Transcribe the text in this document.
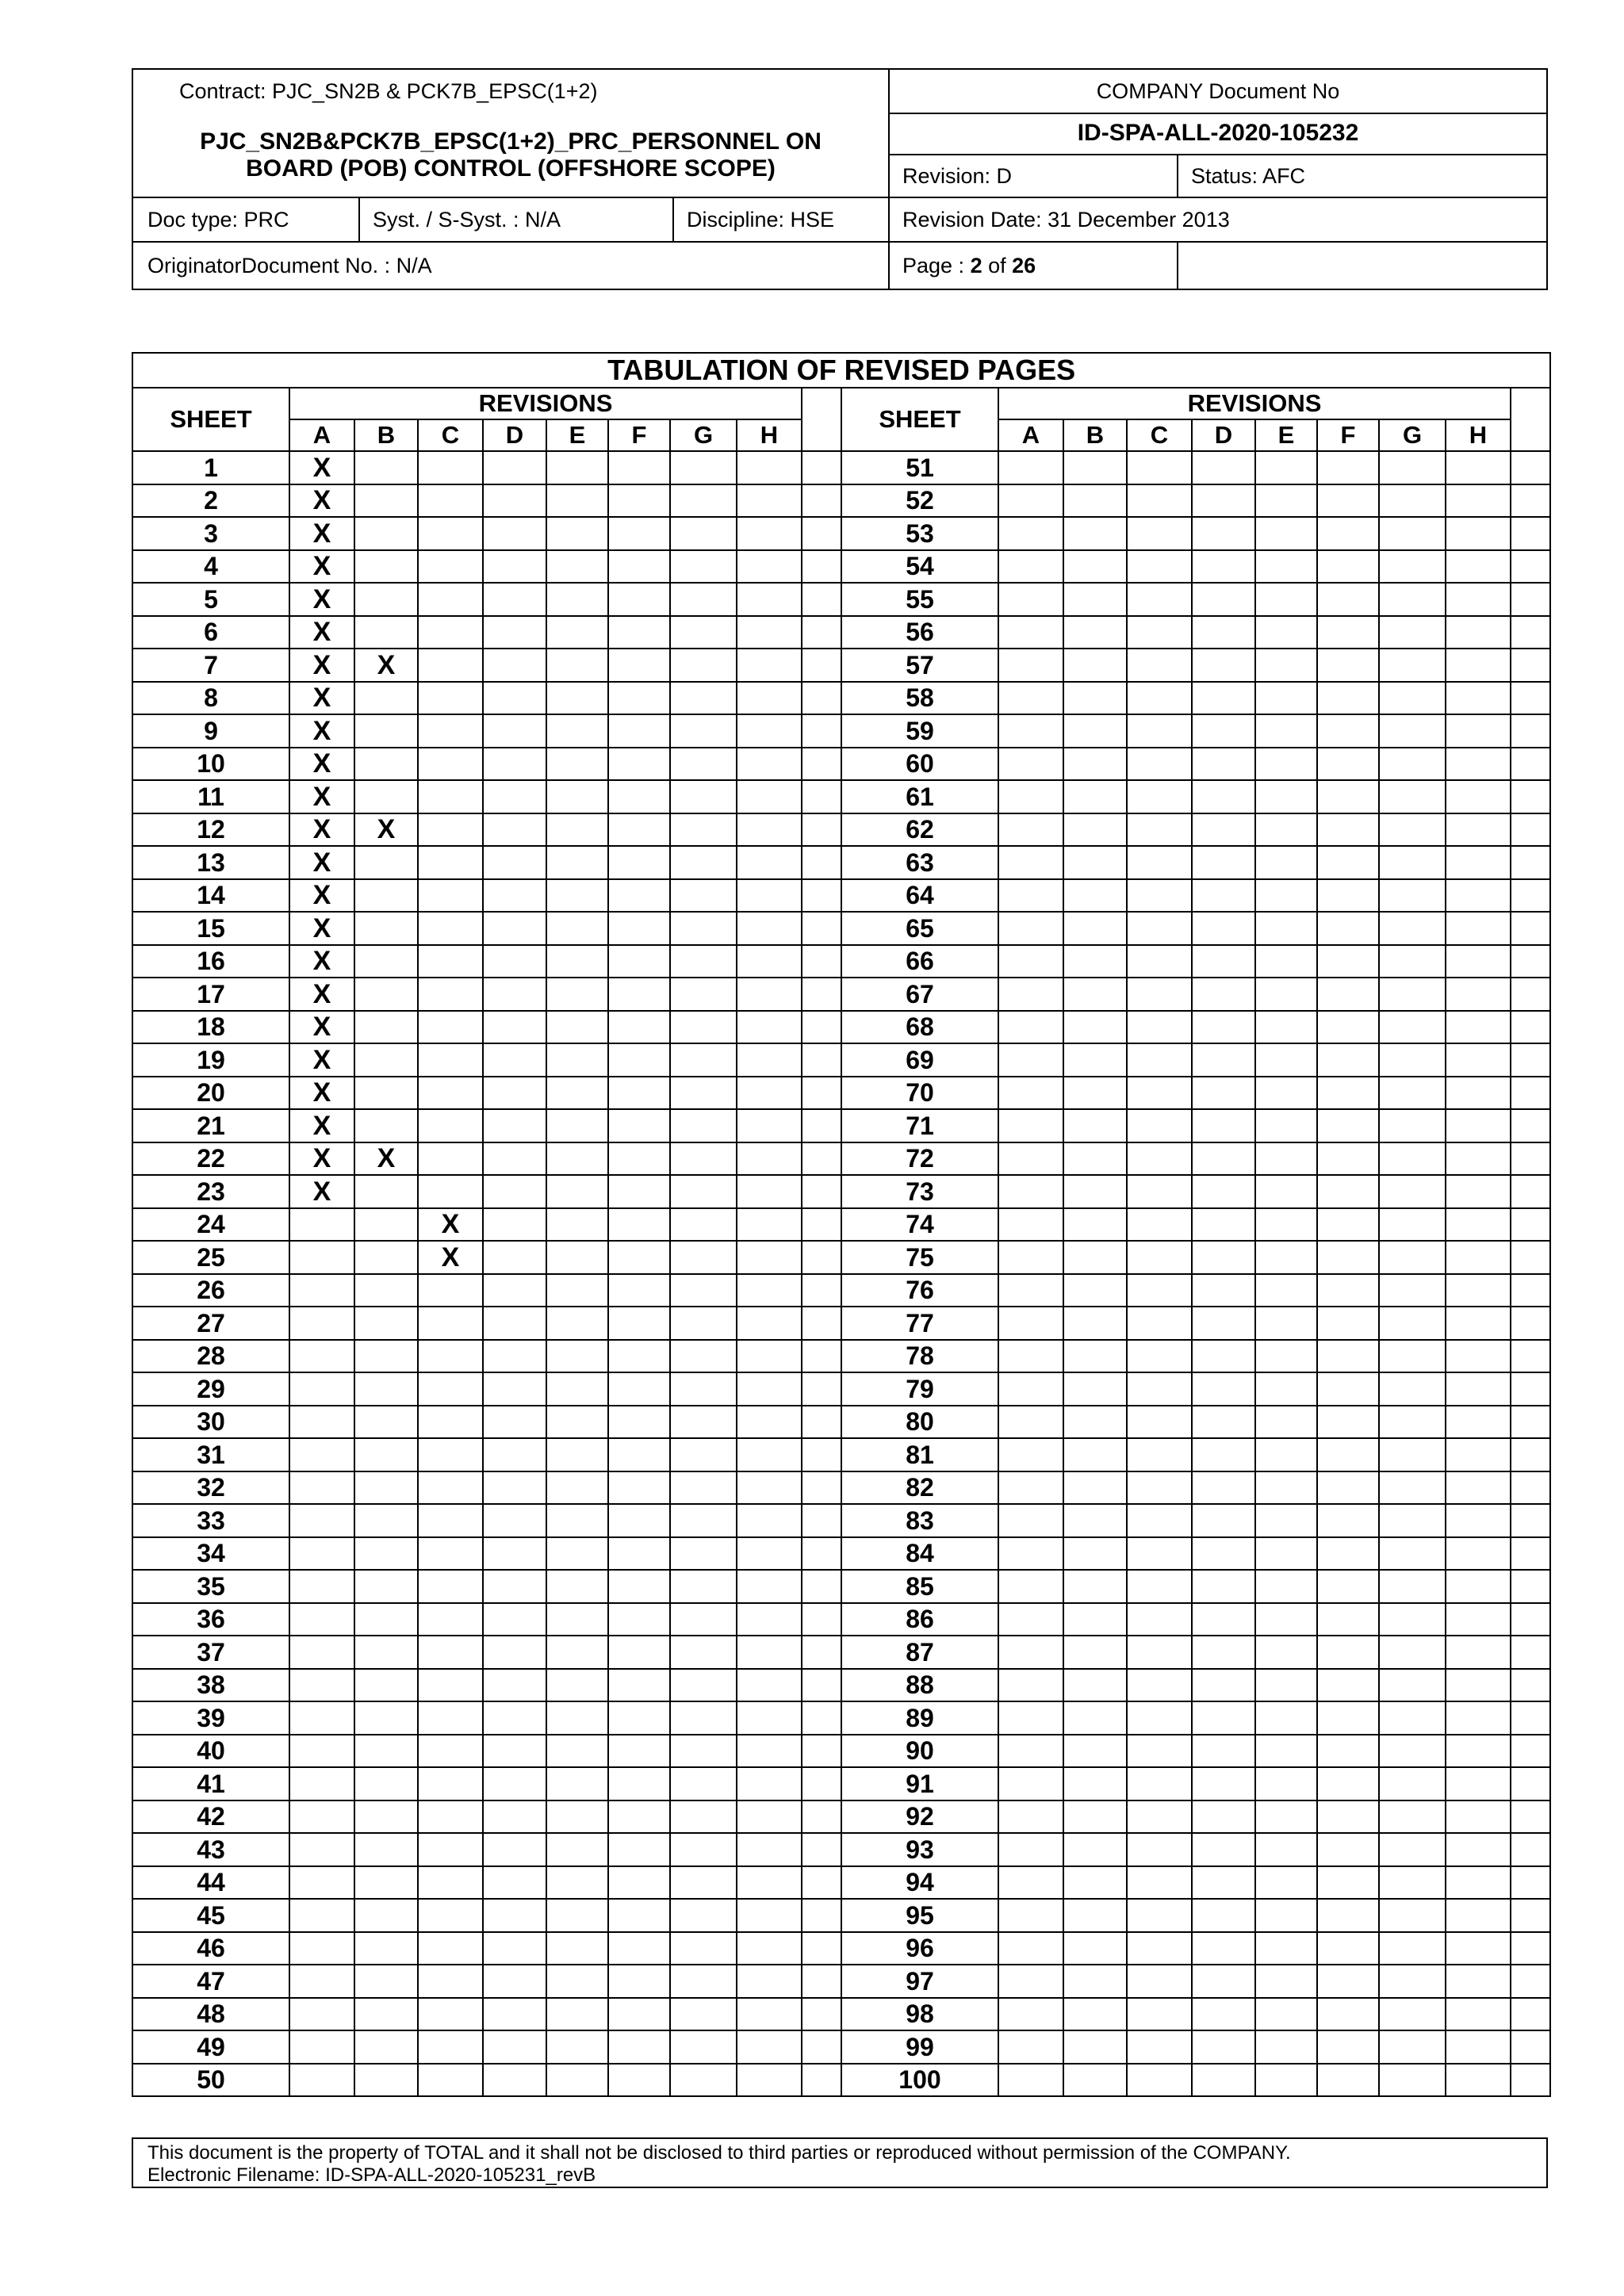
Contract: PJC_SN2B & PCK7B_EPSC(1+2)
PJC_SN2B&PCK7B_EPSC(1+2)_PRC_PERSONNEL ON
BOARD (POB) CONTROL (OFFSHORE SCOPE)
COMPANY Document No
ID-SPA-ALL-2020-105232
Revision: D	Status: AFC
Doc type: PRC	Syst. / S-Syst. : N/A	Discipline: HSE	Revision Date: 31 December 2013
OriginatorDocument No. : N/A	Page : 2 of 26
TABULATION OF REVISED PAGES																			
SHEET	REVISIONS									SHEET	REVISIONS								
	A	B	C	D	E	F	G	H			A	B	C	D	E	F	G	H	
1	X									51									
2	X									52									
3	X									53									
4	X									54									
5	X									55									
6	X									56									
7	X	X								57									
8	X									58									
9	X									59									
10	X									60									
11	X									61									
12	X	X								62									
13	X									63									
14	X									64									
15	X									65									
16	X									66									
17	X									67									
18	X									68									
19	X									69									
20	X									70									
21	X									71									
22	X	X								72									
23	X									73									
24			X							74									
25			X							75									
26										76									
27										77									
28										78									
29										79									
30										80									
31										81									
32										82									
33										83									
34										84									
35										85									
36										86									
37										87									
38										88									
39										89									
40										90									
41										91									
42										92									
43										93									
44										94									
45										95									
46										96									
47										97									
48										98									
49										99									
50										100									
This document is the property of TOTAL and it shall not be disclosed to third parties or reproduced without permission of the COMPANY.
Electronic Filename: ID-SPA-ALL-2020-105231_revB
